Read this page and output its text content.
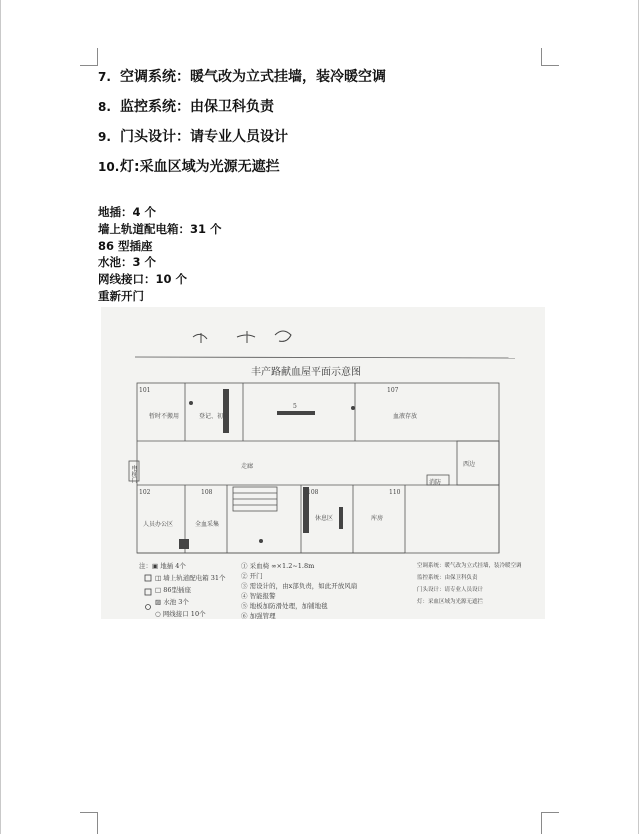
7. 空调系统：暖气改为立式挂墙，装冷暖空调
8. 监控系统：由保卫科负责
9. 门头设计：请专业人员设计
10. 灯:采血区域为光源无遮拦
地插：4 个
墙上轨道配电箱：31 个
86 型插座
水池：3 个
网线接口：10 个
重新开门
丰产路献血屋平面示意图
101
暂时不搬用	登记、初筛
5
107
血液存放
走廊	西边
消防
电梯门
102	108
全血采集
人员办公区
108
休息区
110
库房
注：▣ 地插 4个
◫ 墙上轨道配电箱 31个
□ 86型插座
▨ 水池 3个
○ 网线接口 10个
① 采血椅 ∞×1.2~1.8m
② 开门
③ 需设计的，由x部负责，如此开放风扇
④ 智能报警
⑤ 地板加防滑处理，加铺地毯
⑥ 加强管理
空调系统：暖气改为立式挂墙，装冷暖空调
监控系统：由保卫科负责
门头设计：请专业人员设计
灯：采血区域为光源无遮拦
